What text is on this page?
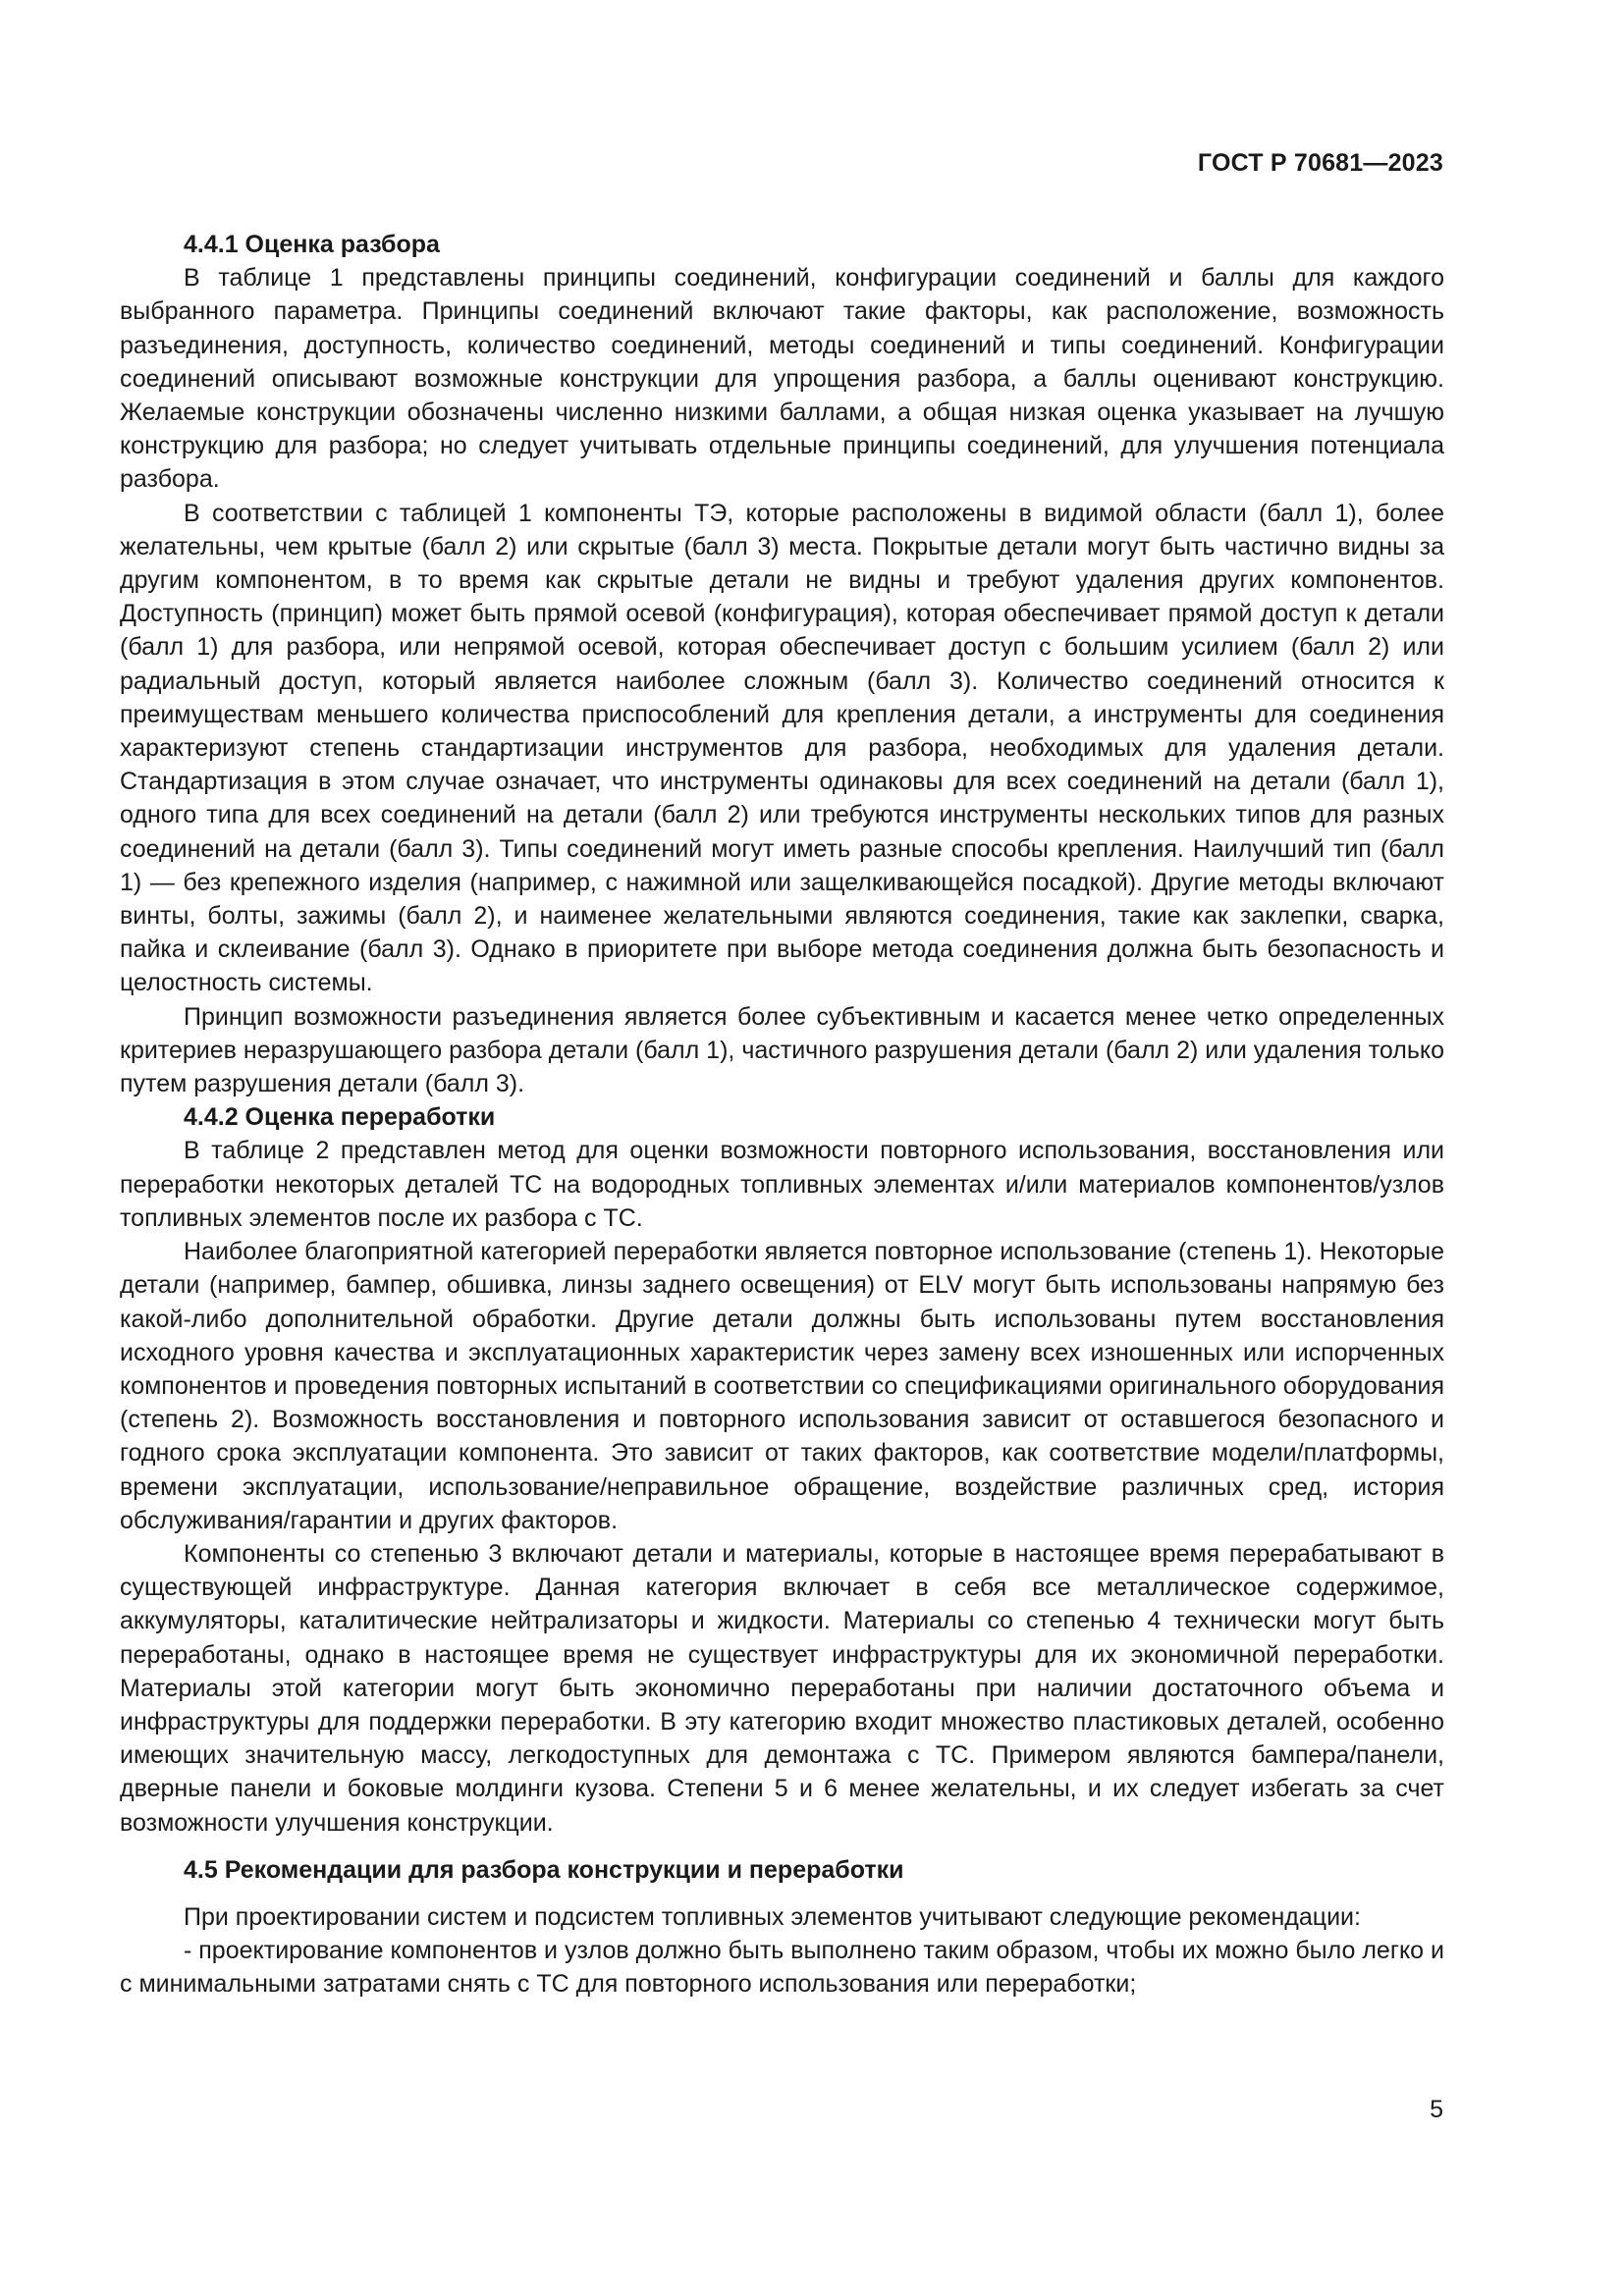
ГОСТ Р 70681—2023
4.4.1 Оценка разбора

В таблице 1 представлены принципы соединений, конфигурации соединений и баллы для каждого выбранного параметра. Принципы соединений включают такие факторы, как расположение, возможность разъединения, доступность, количество соединений, методы соединений и типы соединений. Конфигурации соединений описывают возможные конструкции для упрощения разбора, а баллы оценивают конструкцию. Желаемые конструкции обозначены численно низкими баллами, а общая низкая оценка указывает на лучшую конструкцию для разбора; но следует учитывать отдельные принципы соединений, для улучшения потенциала разбора.

В соответствии с таблицей 1 компоненты ТЭ, которые расположены в видимой области (балл 1), более желательны, чем крытые (балл 2) или скрытые (балл 3) места. Покрытые детали могут быть частично видны за другим компонентом, в то время как скрытые детали не видны и требуют удаления других компонентов. Доступность (принцип) может быть прямой осевой (конфигурация), которая обеспечивает прямой доступ к детали (балл 1) для разбора, или непрямой осевой, которая обеспечивает доступ с большим усилием (балл 2) или радиальный доступ, который является наиболее сложным (балл 3). Количество соединений относится к преимуществам меньшего количества приспособлений для крепления детали, а инструменты для соединения характеризуют степень стандартизации инструментов для разбора, необходимых для удаления детали. Стандартизация в этом случае означает, что инструменты одинаковы для всех соединений на детали (балл 1), одного типа для всех соединений на детали (балл 2) или требуются инструменты нескольких типов для разных соединений на детали (балл 3). Типы соединений могут иметь разные способы крепления. Наилучший тип (балл 1) — без крепежного изделия (например, с нажимной или защелкивающейся посадкой). Другие методы включают винты, болты, зажимы (балл 2), и наименее желательными являются соединения, такие как заклепки, сварка, пайка и склеивание (балл 3). Однако в приоритете при выборе метода соединения должна быть безопасность и целостность системы.

Принцип возможности разъединения является более субъективным и касается менее четко определенных критериев неразрушающего разбора детали (балл 1), частичного разрушения детали (балл 2) или удаления только путем разрушения детали (балл 3).

4.4.2 Оценка переработки

В таблице 2 представлен метод для оценки возможности повторного использования, восстановления или переработки некоторых деталей ТС на водородных топливных элементах и/или материалов компонентов/узлов топливных элементов после их разбора с ТС.

Наиболее благоприятной категорией переработки является повторное использование (степень 1). Некоторые детали (например, бампер, обшивка, линзы заднего освещения) от ELV могут быть использованы напрямую без какой-либо дополнительной обработки. Другие детали должны быть использованы путем восстановления исходного уровня качества и эксплуатационных характеристик через замену всех изношенных или испорченных компонентов и проведения повторных испытаний в соответствии со спецификациями оригинального оборудования (степень 2). Возможность восстановления и повторного использования зависит от оставшегося безопасного и годного срока эксплуатации компонента. Это зависит от таких факторов, как соответствие модели/платформы, времени эксплуатации, использование/неправильное обращение, воздействие различных сред, история обслуживания/гарантии и других факторов.

Компоненты со степенью 3 включают детали и материалы, которые в настоящее время перерабатывают в существующей инфраструктуре. Данная категория включает в себя все металлическое содержимое, аккумуляторы, каталитические нейтрализаторы и жидкости. Материалы со степенью 4 технически могут быть переработаны, однако в настоящее время не существует инфраструктуры для их экономичной переработки. Материалы этой категории могут быть экономично переработаны при наличии достаточного объема и инфраструктуры для поддержки переработки. В эту категорию входит множество пластиковых деталей, особенно имеющих значительную массу, легкодоступных для демонтажа с ТС. Примером являются бампера/панели, дверные панели и боковые молдинги кузова. Степени 5 и 6 менее желательны, и их следует избегать за счет возможности улучшения конструкции.

4.5 Рекомендации для разбора конструкции и переработки

При проектировании систем и подсистем топливных элементов учитывают следующие рекомендации:

- проектирование компонентов и узлов должно быть выполнено таким образом, чтобы их можно было легко и с минимальными затратами снять с ТС для повторного использования или переработки;

5
